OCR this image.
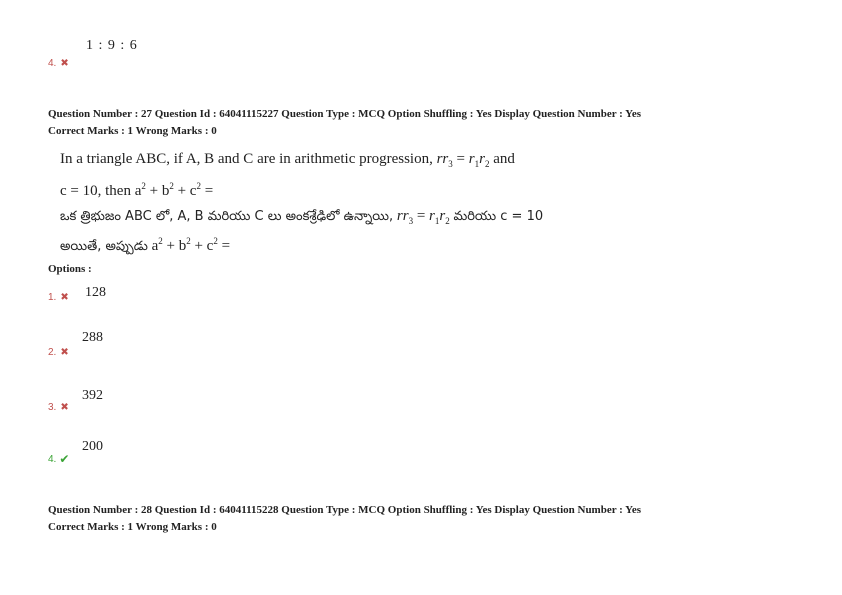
1 : 9 : 6
4. ✖
Question Number : 27 Question Id : 64041115227 Question Type : MCQ Option Shuffling : Yes Display Question Number : Yes
Correct Marks : 1 Wrong Marks : 0
In a triangle ABC, if A, B and C are in arithmetic progression, $rr_3 = r_1r_2$ and
c = 10, then $a^2 + b^2 + c^2$ =
ఒక త్రిభుజం ABC లో, A, B మరియు C లు అంకశ్రేఢిలో ఉన్నాయి, $rr_3 = r_1r_2$ మరియు c = 10
అయితే, అప్పుడు $a^2 + b^2 + c^2$ =
Options :
128
1. ✖
288
2. ✖
392
3. ✖
200
4. ✔
Question Number : 28 Question Id : 64041115228 Question Type : MCQ Option Shuffling : Yes Display Question Number : Yes
Correct Marks : 1 Wrong Marks : 0
